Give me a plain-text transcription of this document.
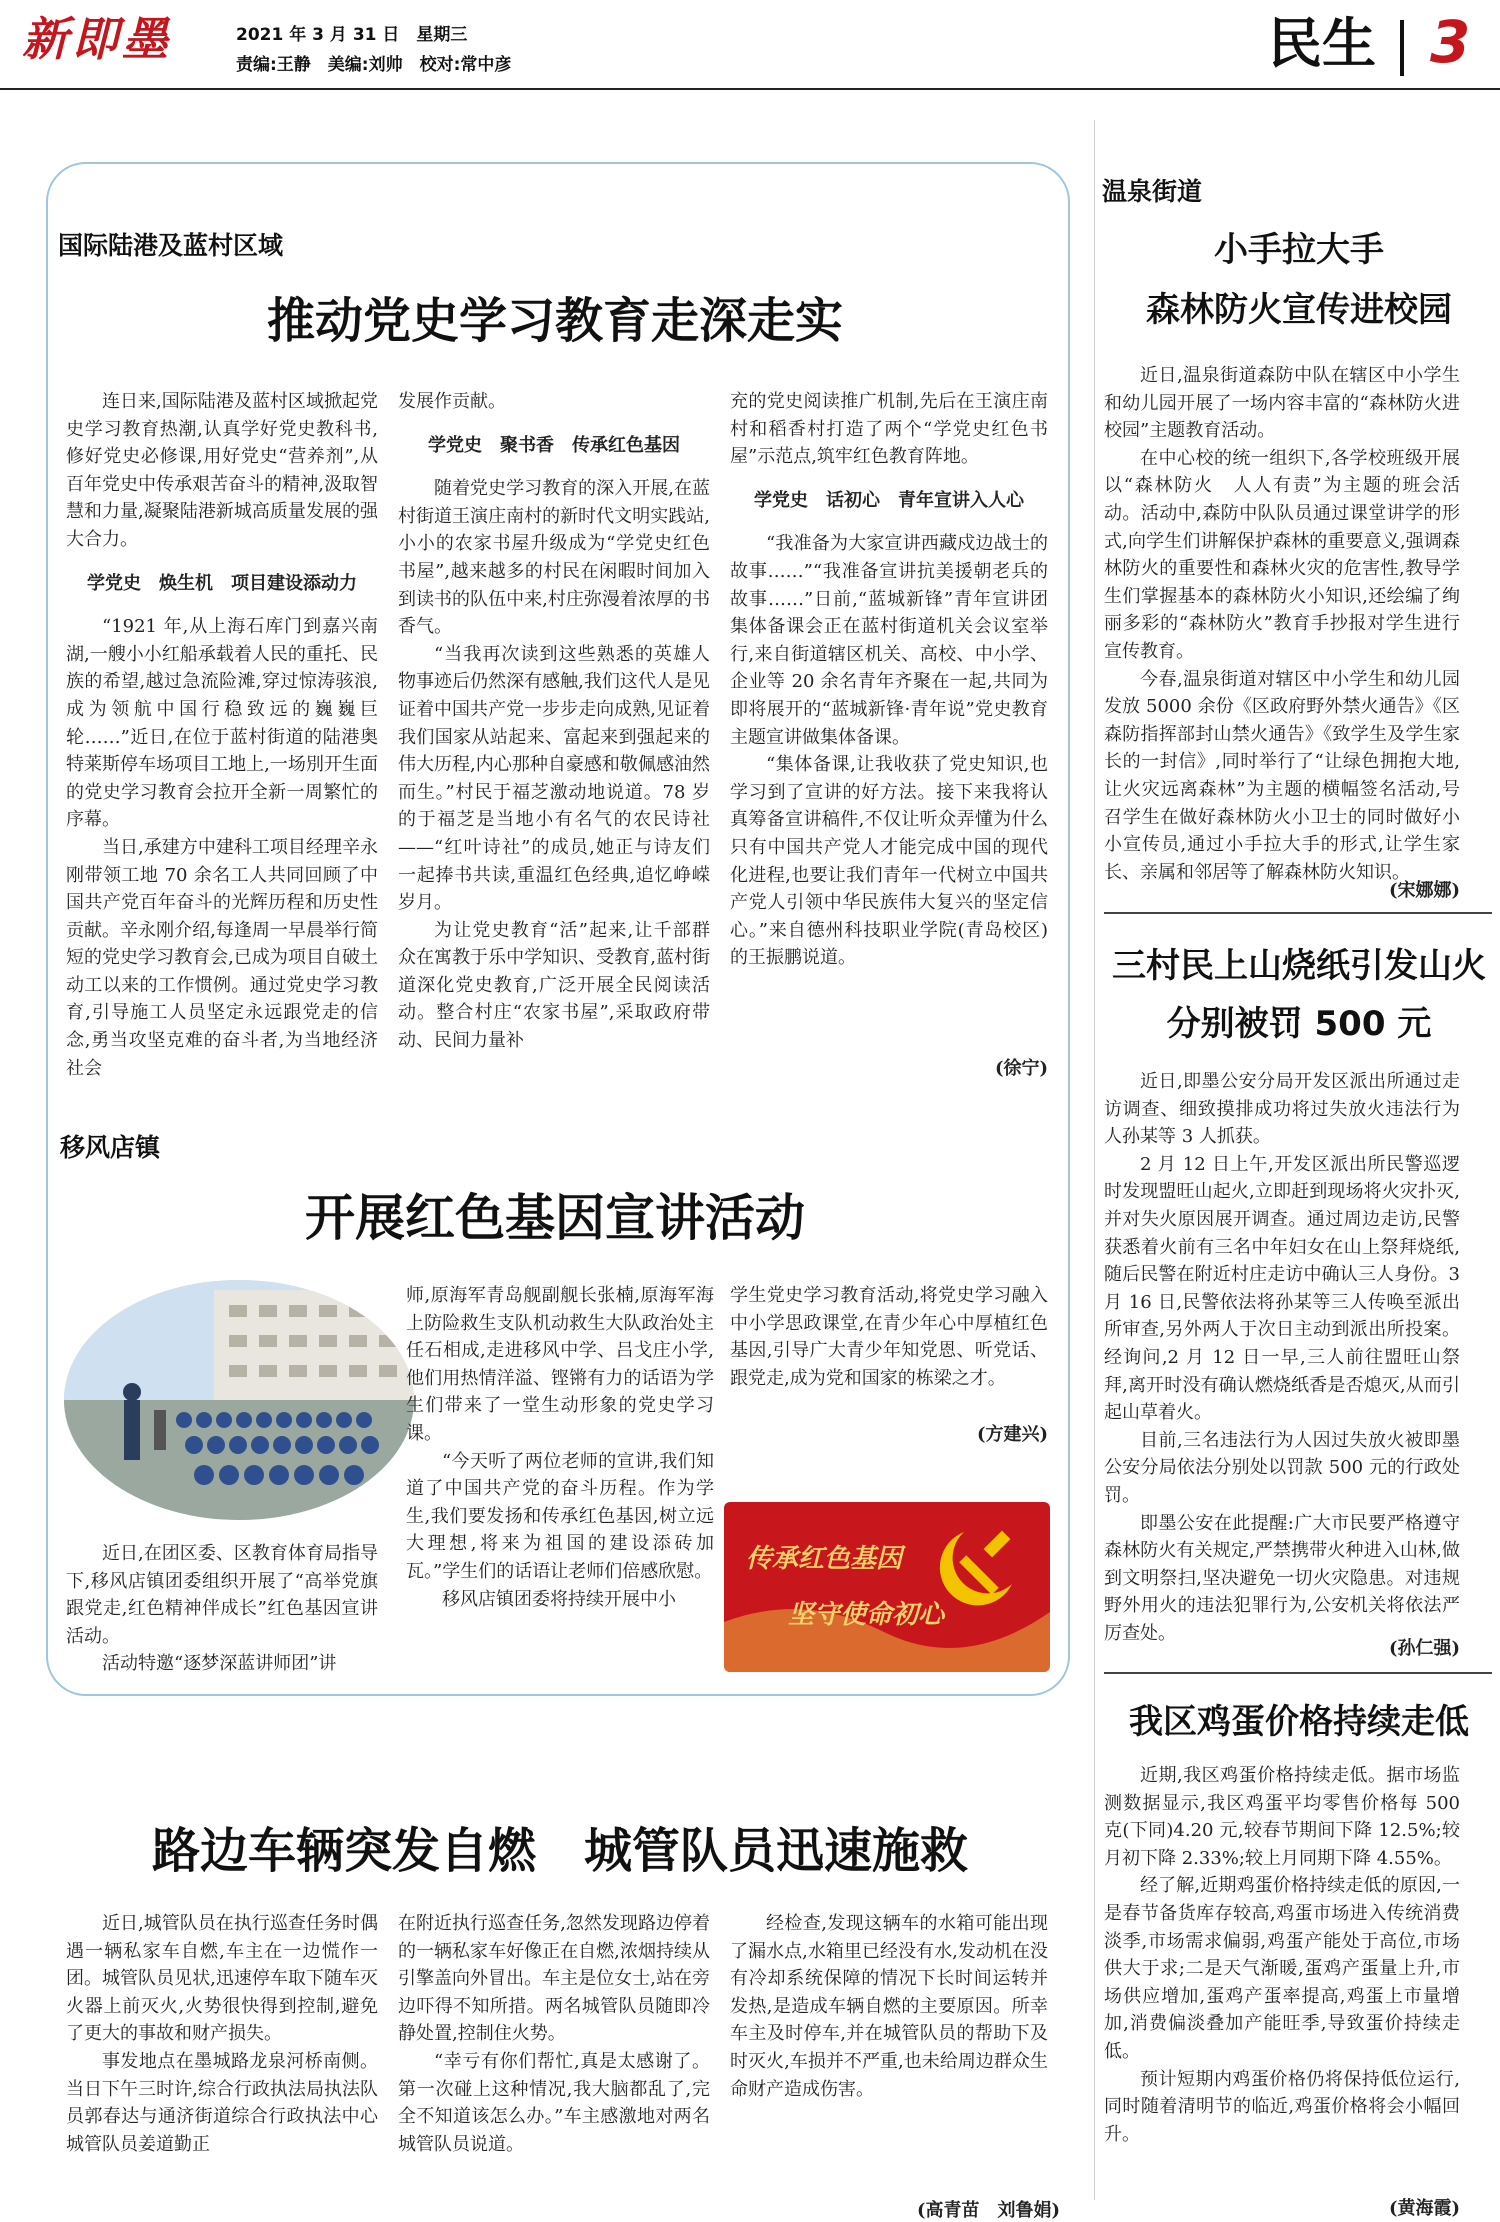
新即墨	2021 年 3 月 31 日　星期三
责编:王静　美编:刘帅　校对:常中彦	民生 3
国际陆港及蓝村区域
推动党史学习教育走深走实

连日来,国际陆港及蓝村区域掀起党史学习教育热潮,认真学好党史教科书,修好党史必修课,用好党史“营养剂”,从百年党史中传承艰苦奋斗的精神,汲取智慧和力量,凝聚陆港新城高质量发展的强大合力。

学党史　焕生机　项目建设添动力

“1921 年,从上海石库门到嘉兴南湖,一艘小小红船承载着人民的重托、民族的希望,越过急流险滩,穿过惊涛骇浪,成为领航中国行稳致远的巍巍巨轮……”近日,在位于蓝村街道的陆港奥特莱斯停车场项目工地上,一场別开生面的党史学习教育会拉开全新一周繁忙的序幕。

当日,承建方中建科工项目经理辛永刚带领工地 70 余名工人共同回顾了中国共产党百年奋斗的光辉历程和历史性贡献。辛永刚介绍,每逢周一早晨举行简短的党史学习教育会,已成为项目自破土动工以来的工作惯例。通过党史学习教育,引导施工人员坚定永远跟党走的信念,勇当攻坚克难的奋斗者,为当地经济社会

发展作贡献。

学党史　聚书香　传承红色基因

随着党史学习教育的深入开展,在蓝村街道王演庄南村的新时代文明实践站,小小的农家书屋升级成为“学党史红色书屋”,越来越多的村民在闲暇时间加入到读书的队伍中来,村庄弥漫着浓厚的书香气。

“当我再次读到这些熟悉的英雄人物事迹后仍然深有感触,我们这代人是见证着中国共产党一步步走向成熟,见证着我们国家从站起来、富起来到强起来的伟大历程,内心那种自豪感和敬佩感油然而生。”村民于福芝激动地说道。78 岁的于福芝是当地小有名气的农民诗社——“红叶诗社”的成员,她正与诗友们一起捧书共读,重温红色经典,追忆峥嵘岁月。

为让党史教育“活”起来,让千部群众在寓教于乐中学知识、受教育,蓝村街道深化党史教育,广泛开展全民阅读活动。整合村庄“农家书屋”,采取政府带动、民间力量补

充的党史阅读推广机制,先后在王演庄南村和稻香村打造了两个“学党史红色书屋”示范点,筑牢红色教育阵地。

学党史　话初心　青年宣讲入人心

“我准备为大家宣讲西藏戍边战士的故事……”“我准备宣讲抗美援朝老兵的故事……”日前,“蓝城新锋”青年宣讲团集体备课会正在蓝村街道机关会议室举行,来自街道辖区机关、高校、中小学、企业等 20 余名青年齐聚在一起,共同为即将展开的“蓝城新锋·青年说”党史教育主题宣讲做集体备课。

“集体备课,让我收获了党史知识,也学习到了宣讲的好方法。接下来我将认真筹备宣讲稿件,不仅让听众弄懂为什么只有中国共产党人才能完成中国的现代化进程,也要让我们青年一代树立中国共产党人引领中华民族伟大复兴的坚定信心。”来自德州科技职业学院(青岛校区)的王振鹏说道。

(徐宁)
移风店镇
开展红色基因宣讲活动

近日,在团区委、区教育体育局指导下,移风店镇团委组织开展了“高举党旗跟党走,红色精神伴成长”红色基因宣讲活动。

活动特邀“逐梦深蓝讲师团”讲

师,原海军青岛舰副舰长张楠,原海军海上防险救生支队机动救生大队政治处主任石相成,走进移风中学、吕戈庄小学,他们用热情洋溢、铿锵有力的话语为学生们带来了一堂生动形象的党史学习课。

“今天听了两位老师的宣讲,我们知道了中国共产党的奋斗历程。作为学生,我们要发扬和传承红色基因,树立远大理想,将来为祖国的建设添砖加瓦。”学生们的话语让老师们倍感欣慰。

移风店镇团委将持续开展中小

学生党史学习教育活动,将党史学习融入中小学思政课堂,在青少年心中厚植红色基因,引导广大青少年知党恩、听党话、跟党走,成为党和国家的栋梁之才。

(方建兴)
传承红色基因
坚守使命初心
路边车辆突发自燃　城管队员迅速施救

近日,城管队员在执行巡查任务时偶遇一辆私家车自燃,车主在一边慌作一团。城管队员见状,迅速停车取下随车灭火器上前灭火,火势很快得到控制,避免了更大的事故和财产损失。

事发地点在墨城路龙泉河桥南侧。当日下午三时许,综合行政执法局执法队员郭春达与通济街道综合行政执法中心城管队员姜道勤正

在附近执行巡查任务,忽然发现路边停着的一辆私家车好像正在自燃,浓烟持续从引擎盖向外冒出。车主是位女士,站在旁边吓得不知所措。两名城管队员随即冷静处置,控制住火势。

“幸亏有你们帮忙,真是太感谢了。第一次碰上这种情况,我大脑都乱了,完全不知道该怎么办。”车主感激地对两名城管队员说道。

经检查,发现这辆车的水箱可能出现了漏水点,水箱里已经没有水,发动机在没有冷却系统保障的情况下长时间运转并发热,是造成车辆自燃的主要原因。所幸车主及时停车,并在城管队员的帮助下及时灭火,车损并不严重,也未给周边群众生命财产造成伤害。

(高青苗　刘鲁娟)
温泉街道
小手拉大手
森林防火宣传进校园

近日,温泉街道森防中队在辖区中小学生和幼儿园开展了一场内容丰富的“森林防火进校园”主题教育活动。

在中心校的统一组织下,各学校班级开展以“森林防火　人人有责”为主题的班会活动。活动中,森防中队队员通过课堂讲学的形式,向学生们讲解保护森林的重要意义,强调森林防火的重要性和森林火灾的危害性,教导学生们掌握基本的森林防火小知识,还绘编了绚丽多彩的“森林防火”教育手抄报对学生进行宣传教育。

今春,温泉街道对辖区中小学生和幼儿园发放 5000 余份《区政府野外禁火通告》《区森防指挥部封山禁火通告》《致学生及学生家长的一封信》,同时举行了“让绿色拥抱大地,让火灾远离森林”为主题的横幅签名活动,号召学生在做好森林防火小卫士的同时做好小小宣传员,通过小手拉大手的形式,让学生家长、亲属和邻居等了解森林防火知识。

(宋娜娜)
三村民上山烧纸引发山火
分别被罚 500 元

近日,即墨公安分局开发区派出所通过走访调查、细致摸排成功将过失放火违法行为人孙某等 3 人抓获。

2 月 12 日上午,开发区派出所民警巡逻时发现盟旺山起火,立即赶到现场将火灾扑灭,并对失火原因展开调查。通过周边走访,民警获悉着火前有三名中年妇女在山上祭拜烧纸,随后民警在附近村庄走访中确认三人身份。3 月 16 日,民警依法将孙某等三人传唤至派出所审查,另外两人于次日主动到派出所投案。经询问,2 月 12 日一早,三人前往盟旺山祭拜,离开时没有确认燃烧纸香是否熄灭,从而引起山草着火。

目前,三名违法行为人因过失放火被即墨公安分局依法分别处以罚款 500 元的行政处罚。

即墨公安在此提醒:广大市民要严格遵守森林防火有关规定,严禁携带火种进入山林,做到文明祭扫,坚决避免一切火灾隐患。对违规野外用火的违法犯罪行为,公安机关将依法严厉查处。

(孙仁强)
我区鸡蛋价格持续走低

近期,我区鸡蛋价格持续走低。据市场监测数据显示,我区鸡蛋平均零售价格每 500 克(下同)4.20 元,较春节期间下降 12.5%;较月初下降 2.33%;较上月同期下降 4.55%。

经了解,近期鸡蛋价格持续走低的原因,一是春节备货库存较高,鸡蛋市场进入传统消费淡季,市场需求偏弱,鸡蛋产能处于高位,市场供大于求;二是天气渐暖,蛋鸡产蛋量上升,市场供应增加,蛋鸡产蛋率提高,鸡蛋上市量增加,消费偏淡叠加产能旺季,导致蛋价持续走低。

预计短期内鸡蛋价格仍将保持低位运行,同时随着清明节的临近,鸡蛋价格将会小幅回升。

(黄海霞)
